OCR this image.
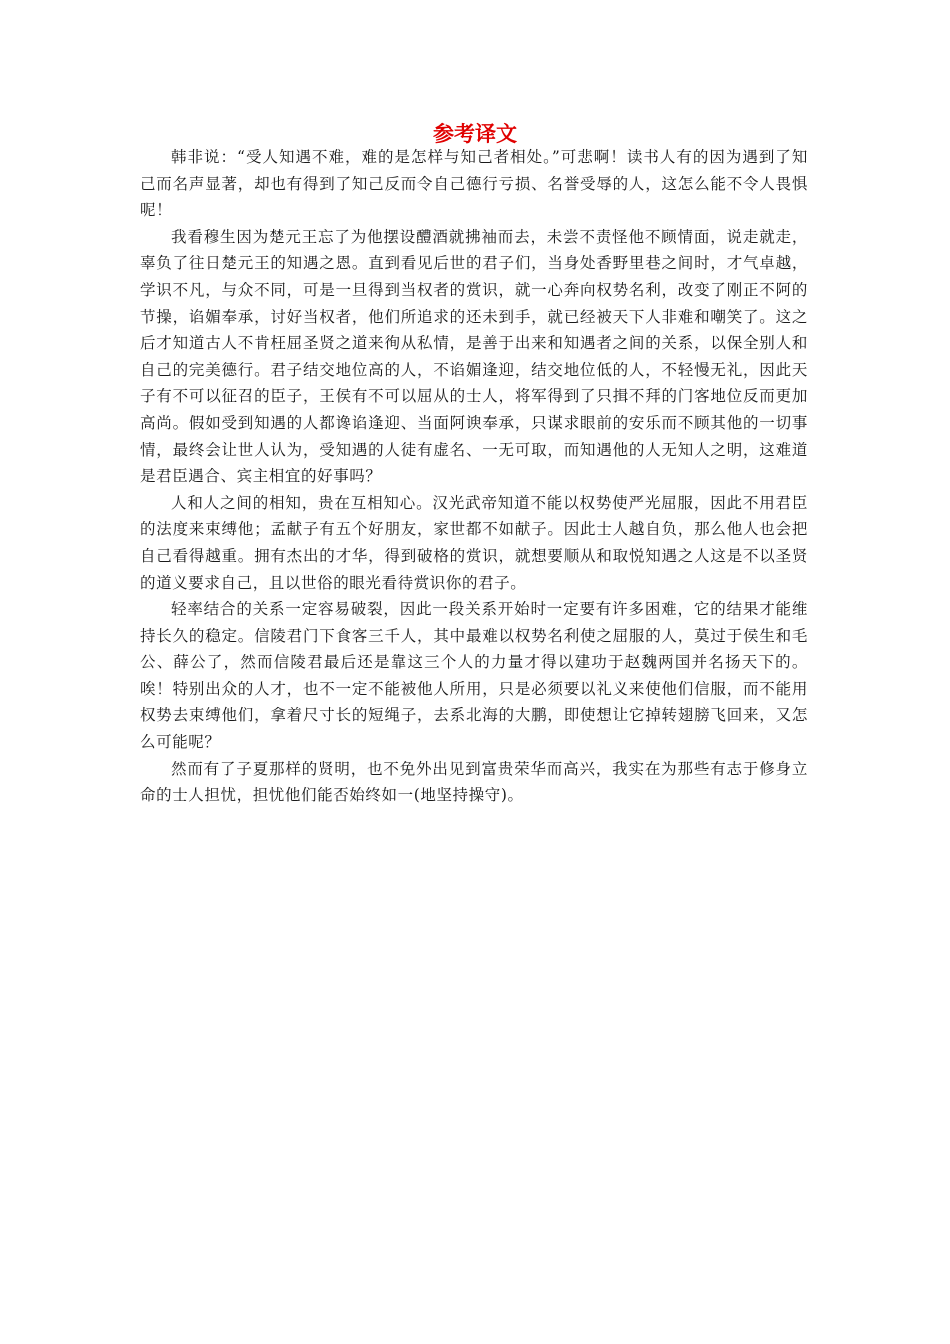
参考译文

韩非说：“受人知遇不难，难的是怎样与知己者相处。”可悲啊！读书人有的因为遇到了知己而名声显著，却也有得到了知己反而令自己德行亏损、名誉受辱的人，这怎么能不令人畏惧呢！

我看穆生因为楚元王忘了为他摆设醴酒就拂袖而去，未尝不责怪他不顾情面，说走就走，辜负了往日楚元王的知遇之恩。直到看见后世的君子们，当身处香野里巷之间时，才气卓越，学识不凡，与众不同，可是一旦得到当权者的赏识，就一心奔向权势名利，改变了刚正不阿的节操，谄媚奉承，讨好当权者，他们所追求的还未到手，就已经被天下人非难和嘲笑了。这之后才知道古人不肯枉屈圣贤之道来徇从私情，是善于出来和知遇者之间的关系，以保全别人和自己的完美德行。君子结交地位高的人，不谄媚逢迎，结交地位低的人，不轻慢无礼，因此天子有不可以征召的臣子，王侯有不可以屈从的士人，将军得到了只揖不拜的门客地位反而更加高尚。假如受到知遇的人都谗谄逢迎、当面阿谀奉承，只谋求眼前的安乐而不顾其他的一切事情，最终会让世人认为，受知遇的人徒有虚名、一无可取，而知遇他的人无知人之明，这难道是君臣遇合、宾主相宜的好事吗？

人和人之间的相知，贵在互相知心。汉光武帝知道不能以权势使严光屈服，因此不用君臣的法度来束缚他；孟献子有五个好朋友，家世都不如献子。因此士人越自负，那么他人也会把自己看得越重。拥有杰出的才华，得到破格的赏识，就想要顺从和取悦知遇之人这是不以圣贤的道义要求自己，且以世俗的眼光看待赏识你的君子。

轻率结合的关系一定容易破裂，因此一段关系开始时一定要有许多困难，它的结果才能维持长久的稳定。信陵君门下食客三千人，其中最难以权势名利使之屈服的人，莫过于侯生和毛公、薛公了，然而信陵君最后还是靠这三个人的力量才得以建功于赵魏两国并名扬天下的。唉！特别出众的人才，也不一定不能被他人所用，只是必须要以礼义来使他们信服，而不能用权势去束缚他们，拿着尺寸长的短绳子，去系北海的大鹏，即使想让它掉转翅膀飞回来，又怎么可能呢？

然而有了子夏那样的贤明，也不免外出见到富贵荣华而高兴，我实在为那些有志于修身立命的士人担忧，担忧他们能否始终如一(地坚持操守)。
